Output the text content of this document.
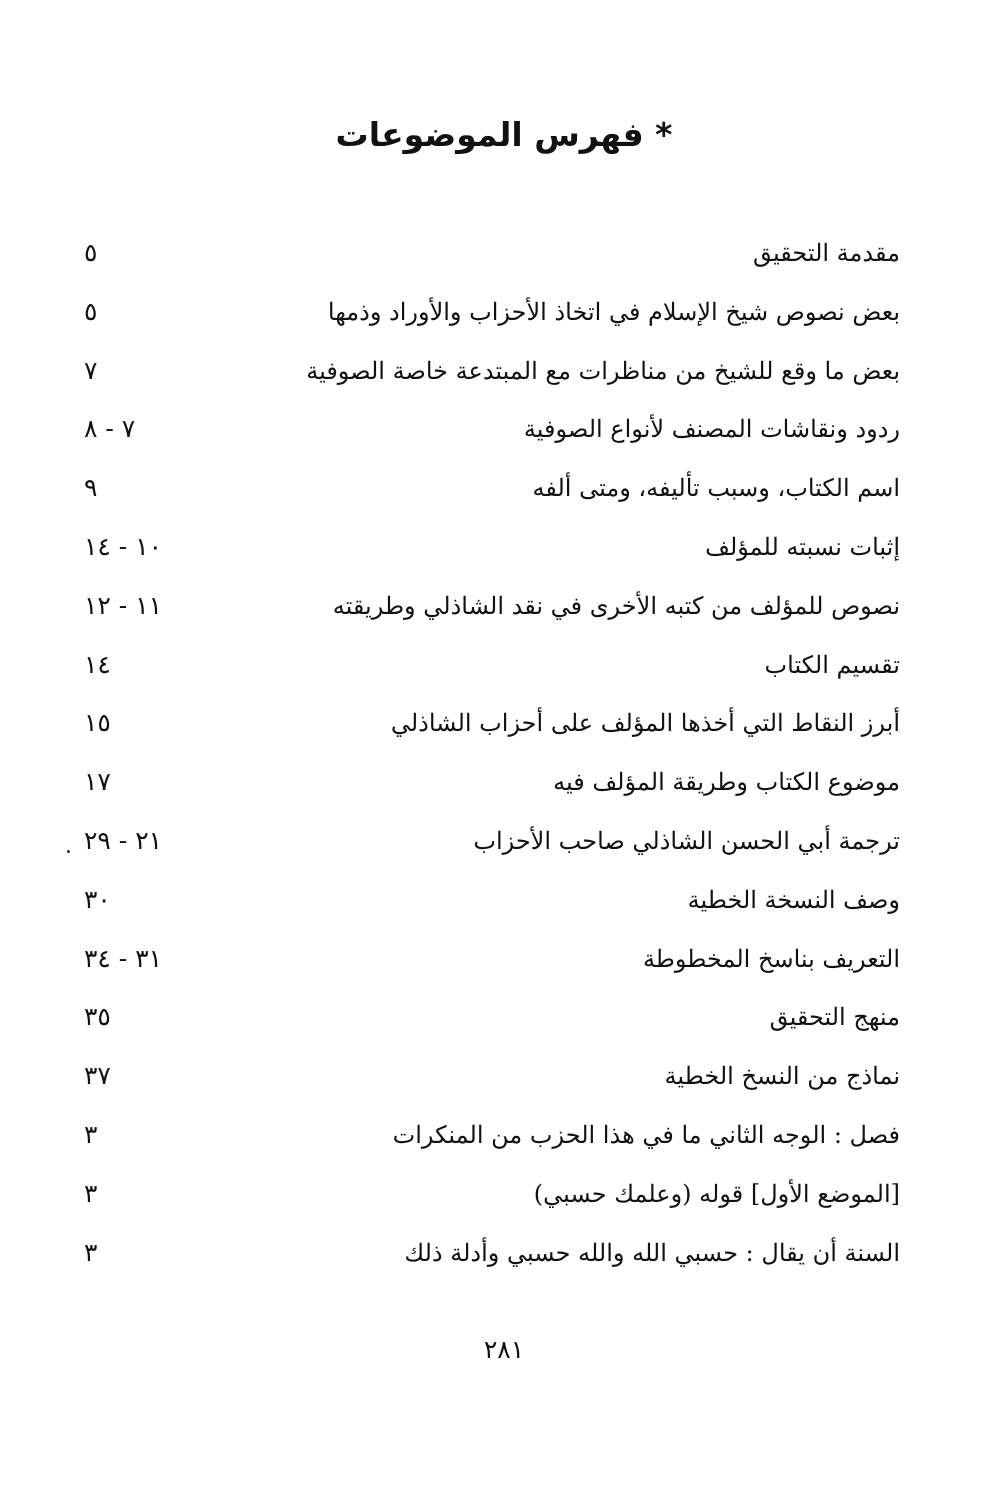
* فهرس الموضوعات
مقدمة التحقيق
٥
بعض نصوص شيخ الإسلام في اتخاذ الأحزاب والأوراد وذمها
٥
بعض ما وقع للشيخ من مناظرات مع المبتدعة خاصة الصوفية
٧
ردود ونقاشات المصنف لأنواع الصوفية
٧ - ٨
اسم الكتاب، وسبب تأليفه، ومتى ألفه
٩
إثبات نسبته للمؤلف
١٠ - ١٤
نصوص للمؤلف من كتبه الأخرى في نقد الشاذلي وطريقته
١١ - ١٢
تقسيم الكتاب
١٤
أبرز النقاط التي أخذها المؤلف على أحزاب الشاذلي
١٥
موضوع الكتاب وطريقة المؤلف فيه
١٧
ترجمة أبي الحسن الشاذلي صاحب الأحزاب
٢١ - ٢٩
وصف النسخة الخطية
٣٠
التعريف بناسخ المخطوطة
٣١ - ٣٤
منهج التحقيق
٣٥
نماذج من النسخ الخطية
٣٧
فصل : الوجه الثاني ما في هذا الحزب من المنكرات
٣
[الموضع الأول] قوله (وعلمك حسبي)
٣
السنة أن يقال : حسبي الله والله حسبي وأدلة ذلك
٣
٢٨١
